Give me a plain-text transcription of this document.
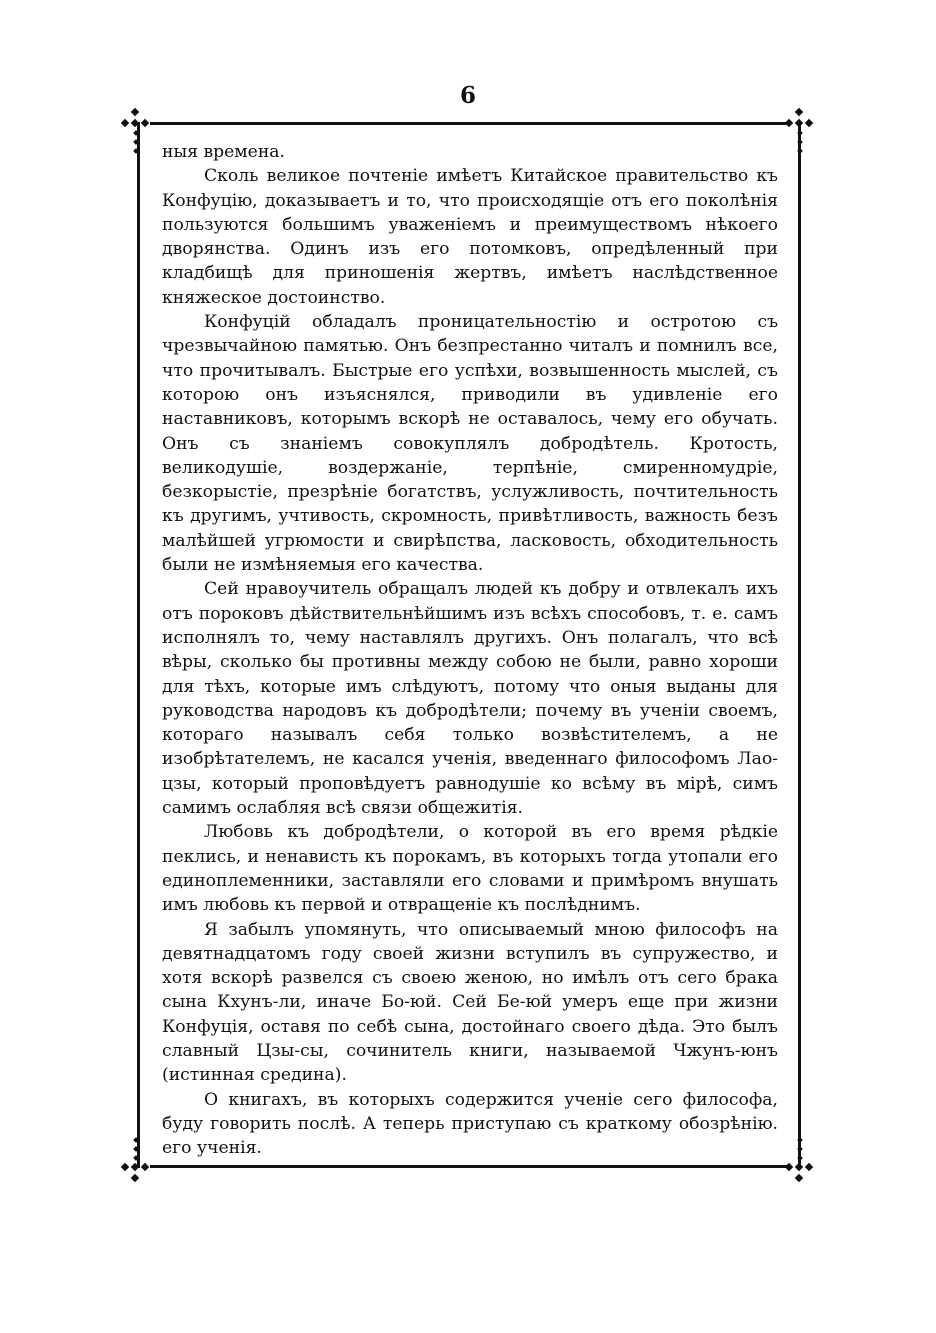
6

ныя времена.

Сколь великое почтеніе имѣетъ Китайское правительство къ Конфуцію, доказываетъ и то, что происходящіе отъ его поколѣнія пользуются большимъ уваженіемъ и преимуществомъ нѣкоего дворянства. Одинъ изъ его потомковъ, опредѣленный при кладбищѣ для приношенія жертвъ, имѣетъ наслѣдственное княжеское достоинство.

Конфуцій обладалъ проницательностію и остротою съ чрезвычайною памятью. Онъ безпрестанно читалъ и помнилъ все, что прочитывалъ. Быстрые его успѣхи, возвышенность мыслей, съ которою онъ изъяснялся, приводили въ удивленіе его наставниковъ, которымъ вскорѣ не оставалось, чему его обучать. Онъ съ знаніемъ совокуплялъ добродѣтель. Кротость, великодушіе, воздержаніе, терпѣніе, смиренномудріе, безкорыстіе, презрѣніе богатствъ, услужливость, почтительность къ другимъ, учтивость, скромность, привѣтливость, важность безъ малѣйшей угрюмости и свирѣпства, ласковость, обходительность были не измѣняемыя его качества.

Сей нравоучитель обращалъ людей къ добру и отвлекалъ ихъ отъ пороковъ дѣйствительнѣйшимъ изъ всѣхъ способовъ, т. е. самъ исполнялъ то, чему наставлялъ другихъ. Онъ полагалъ, что всѣ вѣры, сколько бы противны между собою не были, равно хороши для тѣхъ, которые имъ слѣдуютъ, потому что оныя выданы для руководства народовъ къ добродѣтели; почему въ ученіи своемъ, котораго называлъ себя только возвѣстителемъ, а не изобрѣтателемъ, не касался ученія, введеннаго философомъ Лао-цзы, который проповѣдуетъ равнодушіе ко всѣму въ мірѣ, симъ самимъ ослабляя всѣ связи общежитія.

Любовь къ добродѣтели, о которой въ его время рѣдкіе пеклись, и ненависть къ порокамъ, въ которыхъ тогда утопали его единоплеменники, заставляли его словами и примѣромъ внушать имъ любовь къ первой и отвращеніе къ послѣднимъ.

Я забылъ упомянуть, что описываемый мною философъ на девятнадцатомъ году своей жизни вступилъ въ супружество, и хотя вскорѣ развелся съ своею женою, но имѣлъ отъ сего брака сына Кхунъ-ли, иначе Бо-юй. Сей Бе-юй умеръ еще при жизни Конфуція, оставя по себѣ сына, достойнаго своего дѣда. Это былъ славный Цзы-сы, сочинитель книги, называемой Чжунъ-юнъ (истинная средина).

О книгахъ, въ которыхъ содержится ученіе сего философа, буду говорить послѣ. А теперь приступаю съ краткому обозрѣнію. его ученія.
